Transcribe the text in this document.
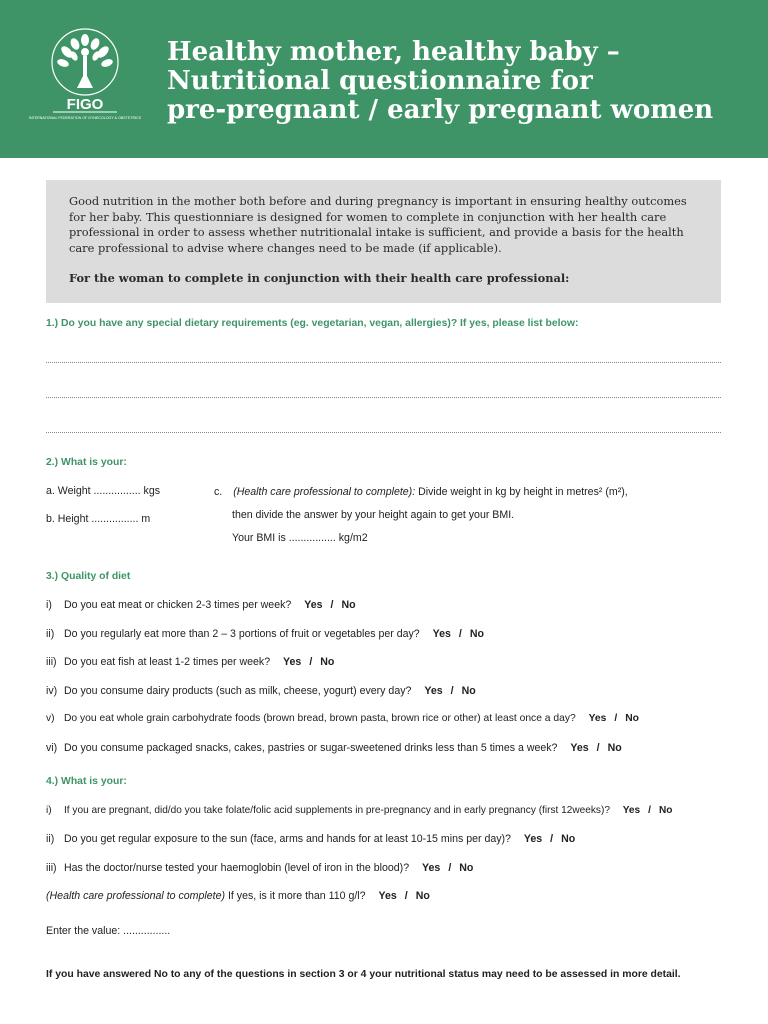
FIGO
INTERNATIONAL FEDERATION OF GYNECOLOGY & OBSTETRICS
Healthy mother, healthy baby –
Nutritional questionnaire for
pre-pregnant / early pregnant women
Good nutrition in the mother both before and during pregnancy is important in ensuring healthy outcomes for her baby. This questionniare is designed for women to complete in conjunction with her health care professional in order to assess whether nutritionalal intake is sufficient, and provide a basis for the health care professional to advise where changes need to be made (if applicable).
For the woman to complete in conjunction with their health care professional:
1.) Do you have any special dietary requirements (eg. vegetarian, vegan, allergies)? If yes, please list below:
2.) What is your:
a. Weight ................ kgs
b. Height ................ m
c. (Health care professional to complete): Divide weight in kg by height in metres² (m²),
then divide the answer by your height again to get your BMI.
Your BMI is ................ kg/m2
3.) Quality of diet
i) Do you eat meat or chicken 2-3 times per week? Yes / No
ii) Do you regularly eat more than 2 – 3 portions of fruit or vegetables per day? Yes / No
iii) Do you eat fish at least 1-2 times per week? Yes / No
iv) Do you consume dairy products (such as milk, cheese, yogurt) every day? Yes / No
v) Do you eat whole grain carbohydrate foods (brown bread, brown pasta, brown rice or other) at least once a day? Yes / No
vi) Do you consume packaged snacks, cakes, pastries or sugar-sweetened drinks less than 5 times a week? Yes / No
4.) What is your:
i) If you are pregnant, did/do you take folate/folic acid supplements in pre-pregnancy and in early pregnancy (first 12weeks)? Yes / No
ii) Do you get regular exposure to the sun (face, arms and hands for at least 10-15 mins per day)? Yes / No
iii) Has the doctor/nurse tested your haemoglobin (level of iron in the blood)? Yes / No
(Health care professional to complete) If yes, is it more than 110 g/l? Yes / No
Enter the value: ................
If you have answered No to any of the questions in section 3 or 4 your nutritional status may need to be assessed in more detail.
